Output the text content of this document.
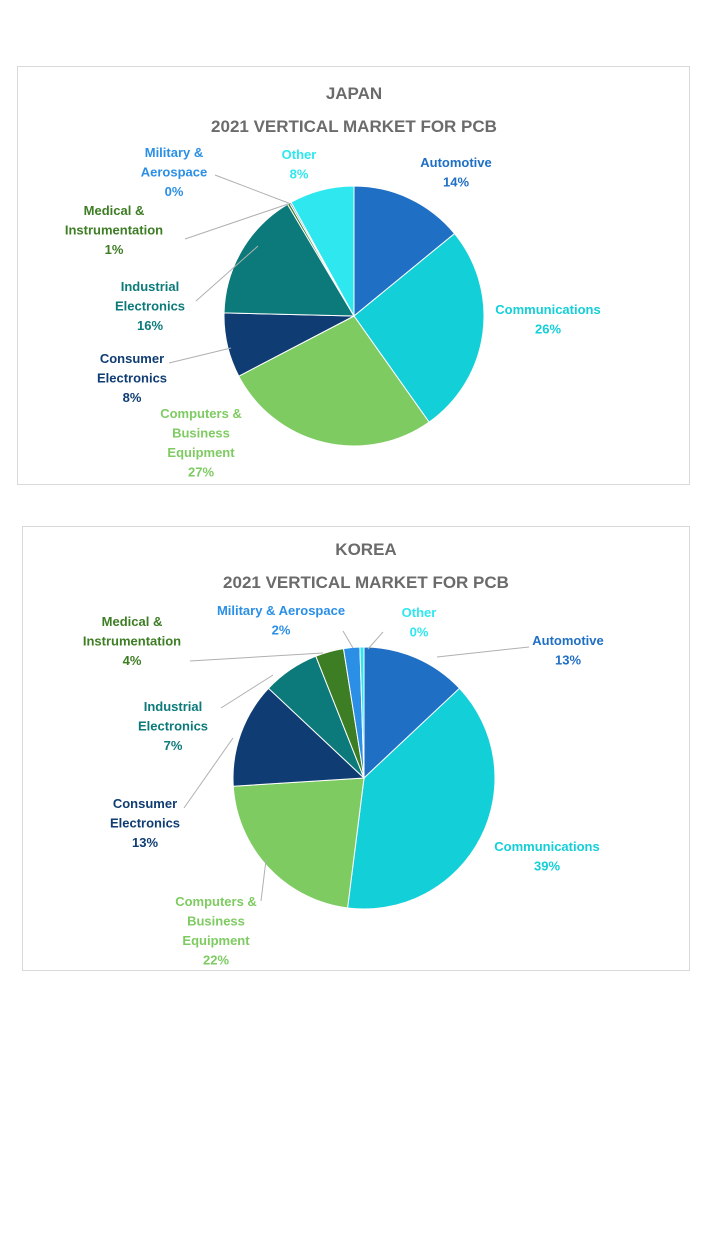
JAPAN
2021 VERTICAL MARKET FOR PCB
Automotive 14%
Communications 26%
Computers & Business Equipment 27%
Consumer Electronics 8%
Industrial Electronics 16%
Medical & Instrumentation 1%
Military & Aerospace 0%
Other 8%
KOREA
2021 VERTICAL MARKET FOR PCB
Automotive 13%
Communications 39%
Computers & Business Equipment 22%
Consumer Electronics 13%
Industrial Electronics 7%
Medical & Instrumentation 4%
Military & Aerospace 2%
Other 0%
